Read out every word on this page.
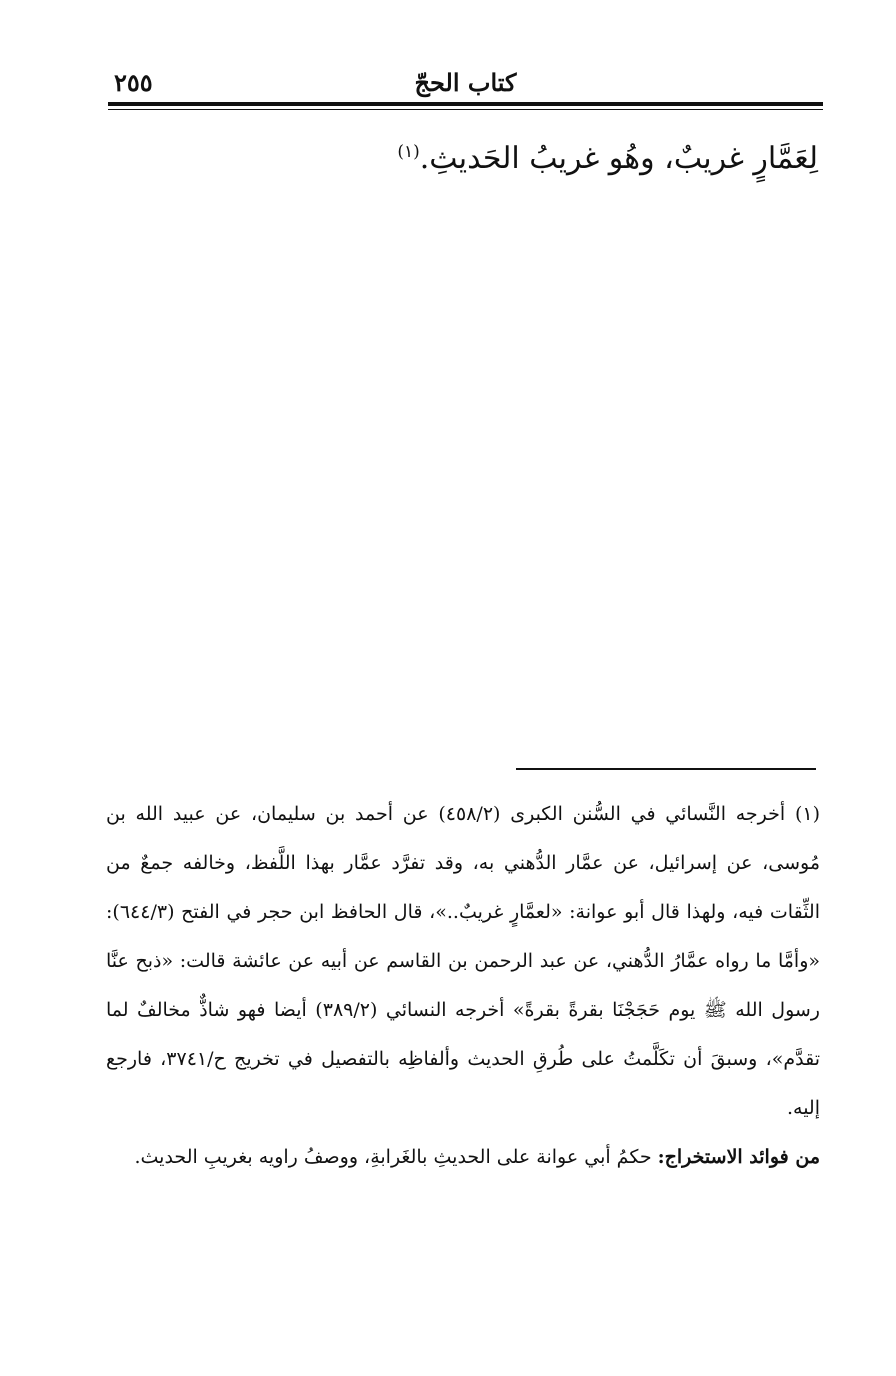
كتاب الحجّ
٢٥٥
لِعَمَّارٍ غريبٌ، وهُو غريبُ الحَديثِ.$^{(١)}$

(١) أخرجه النَّسائي في السُّنن الكبرى (٤٥٨/٢) عن أحمد بن سليمان، عن عبيد الله بن مُوسى، عن إسرائيل، عن عمَّار الدُّهني به، وقد تفرَّد عمَّار بهذا اللَّفظ، وخالفه جمعٌ من الثِّقات فيه، ولهذا قال أبو عوانة: «لعمَّارٍ غريبٌ..»، قال الحافظ ابن حجر في الفتح (٦٤٤/٣): «وأمَّا ما رواه عمَّارُ الدُّهني، عن عبد الرحمن بن القاسم عن أبيه عن عائشة قالت: «ذبح عنَّا رسول الله ﷺ يوم حَجَجْنَا بقرةً بقرةً» أخرجه النسائي (٣٨٩/٢) أيضا فهو شاذٌّ مخالفٌ لما تقدَّم»، وسبقَ أن تكَلَّمتُ على طُرقِ الحديث وألفاظِه بالتفصيل في تخريج ح/٣٧٤١، فارجع إليه.

من فوائد الاستخراج: حكمُ أبي عوانة على الحديثِ بالغَرابةِ، ووصفُ راويه بغريبِ الحديث.
